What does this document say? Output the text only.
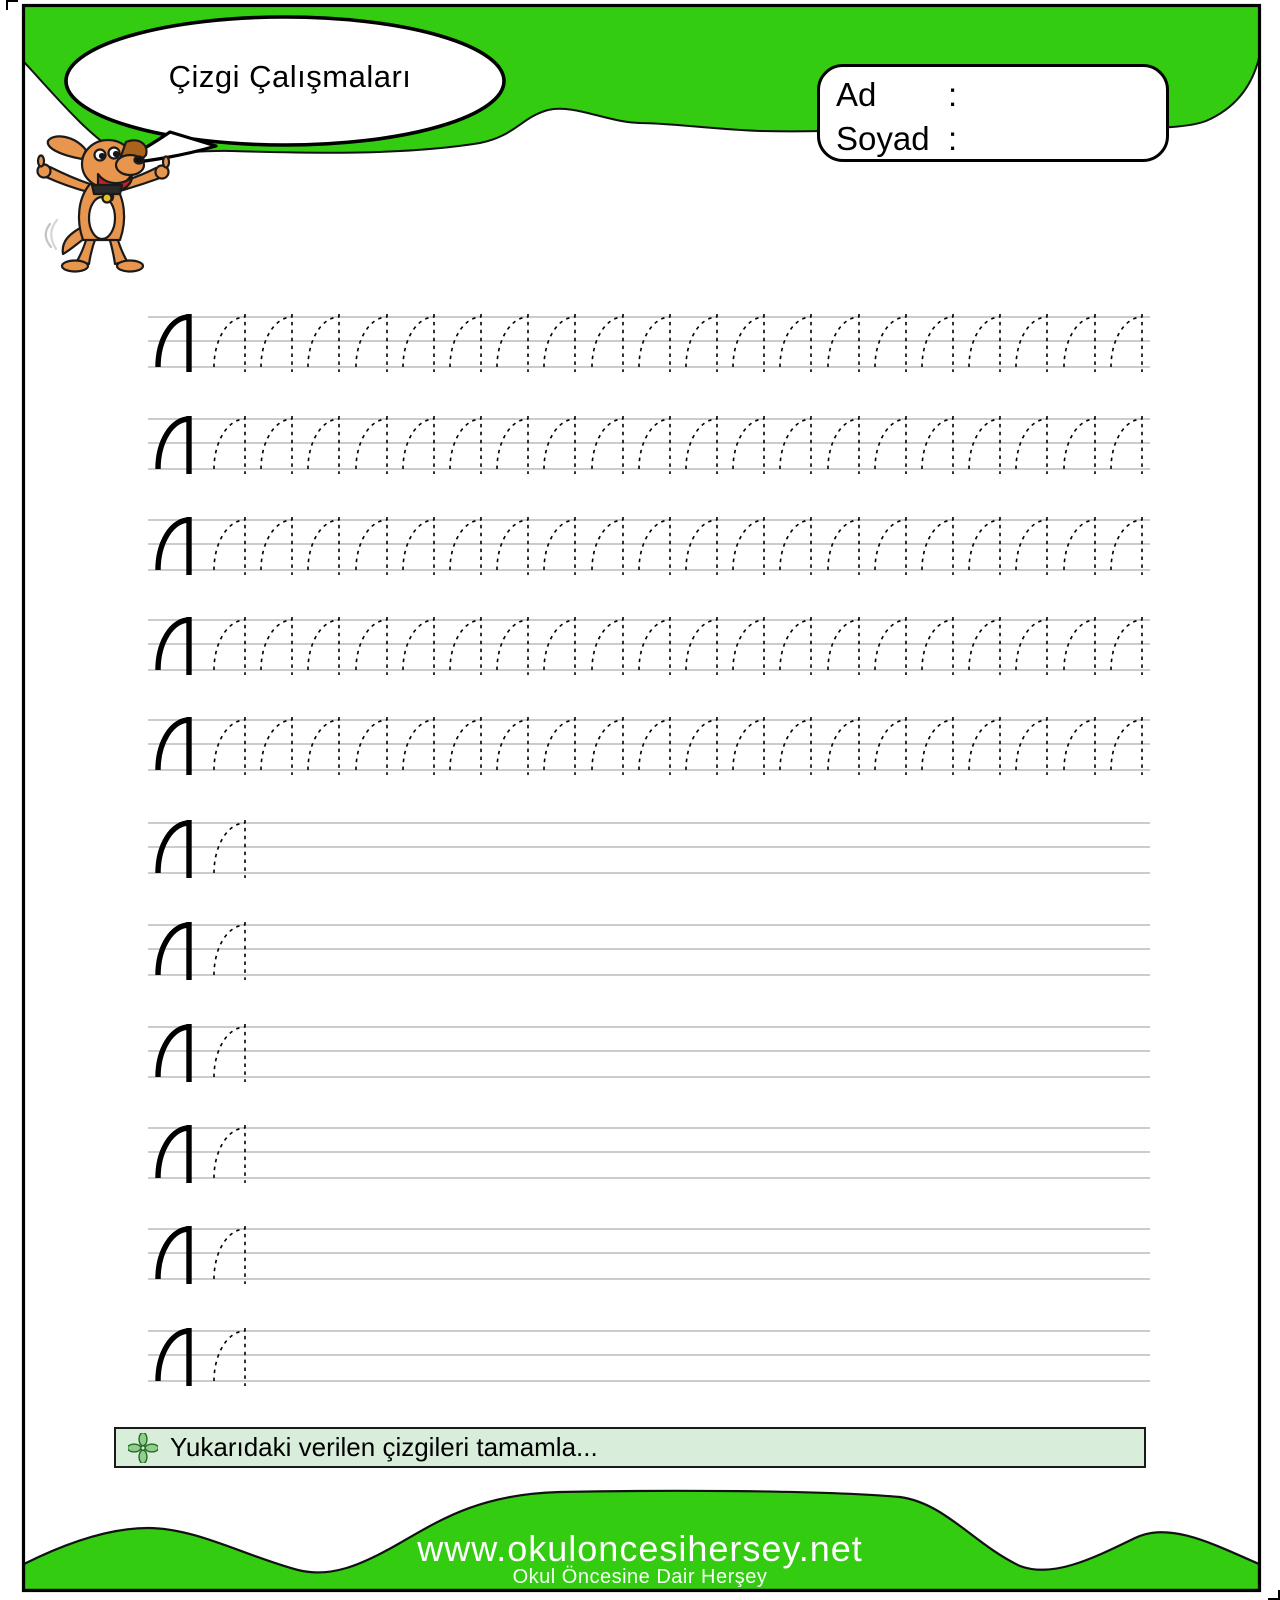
Çizgi Çalışmaları	Ad :
Soyad :
Yukarıdaki verilen çizgileri tamamla...
www.okuloncesihersey.net
Okul Öncesine Dair Herşey
